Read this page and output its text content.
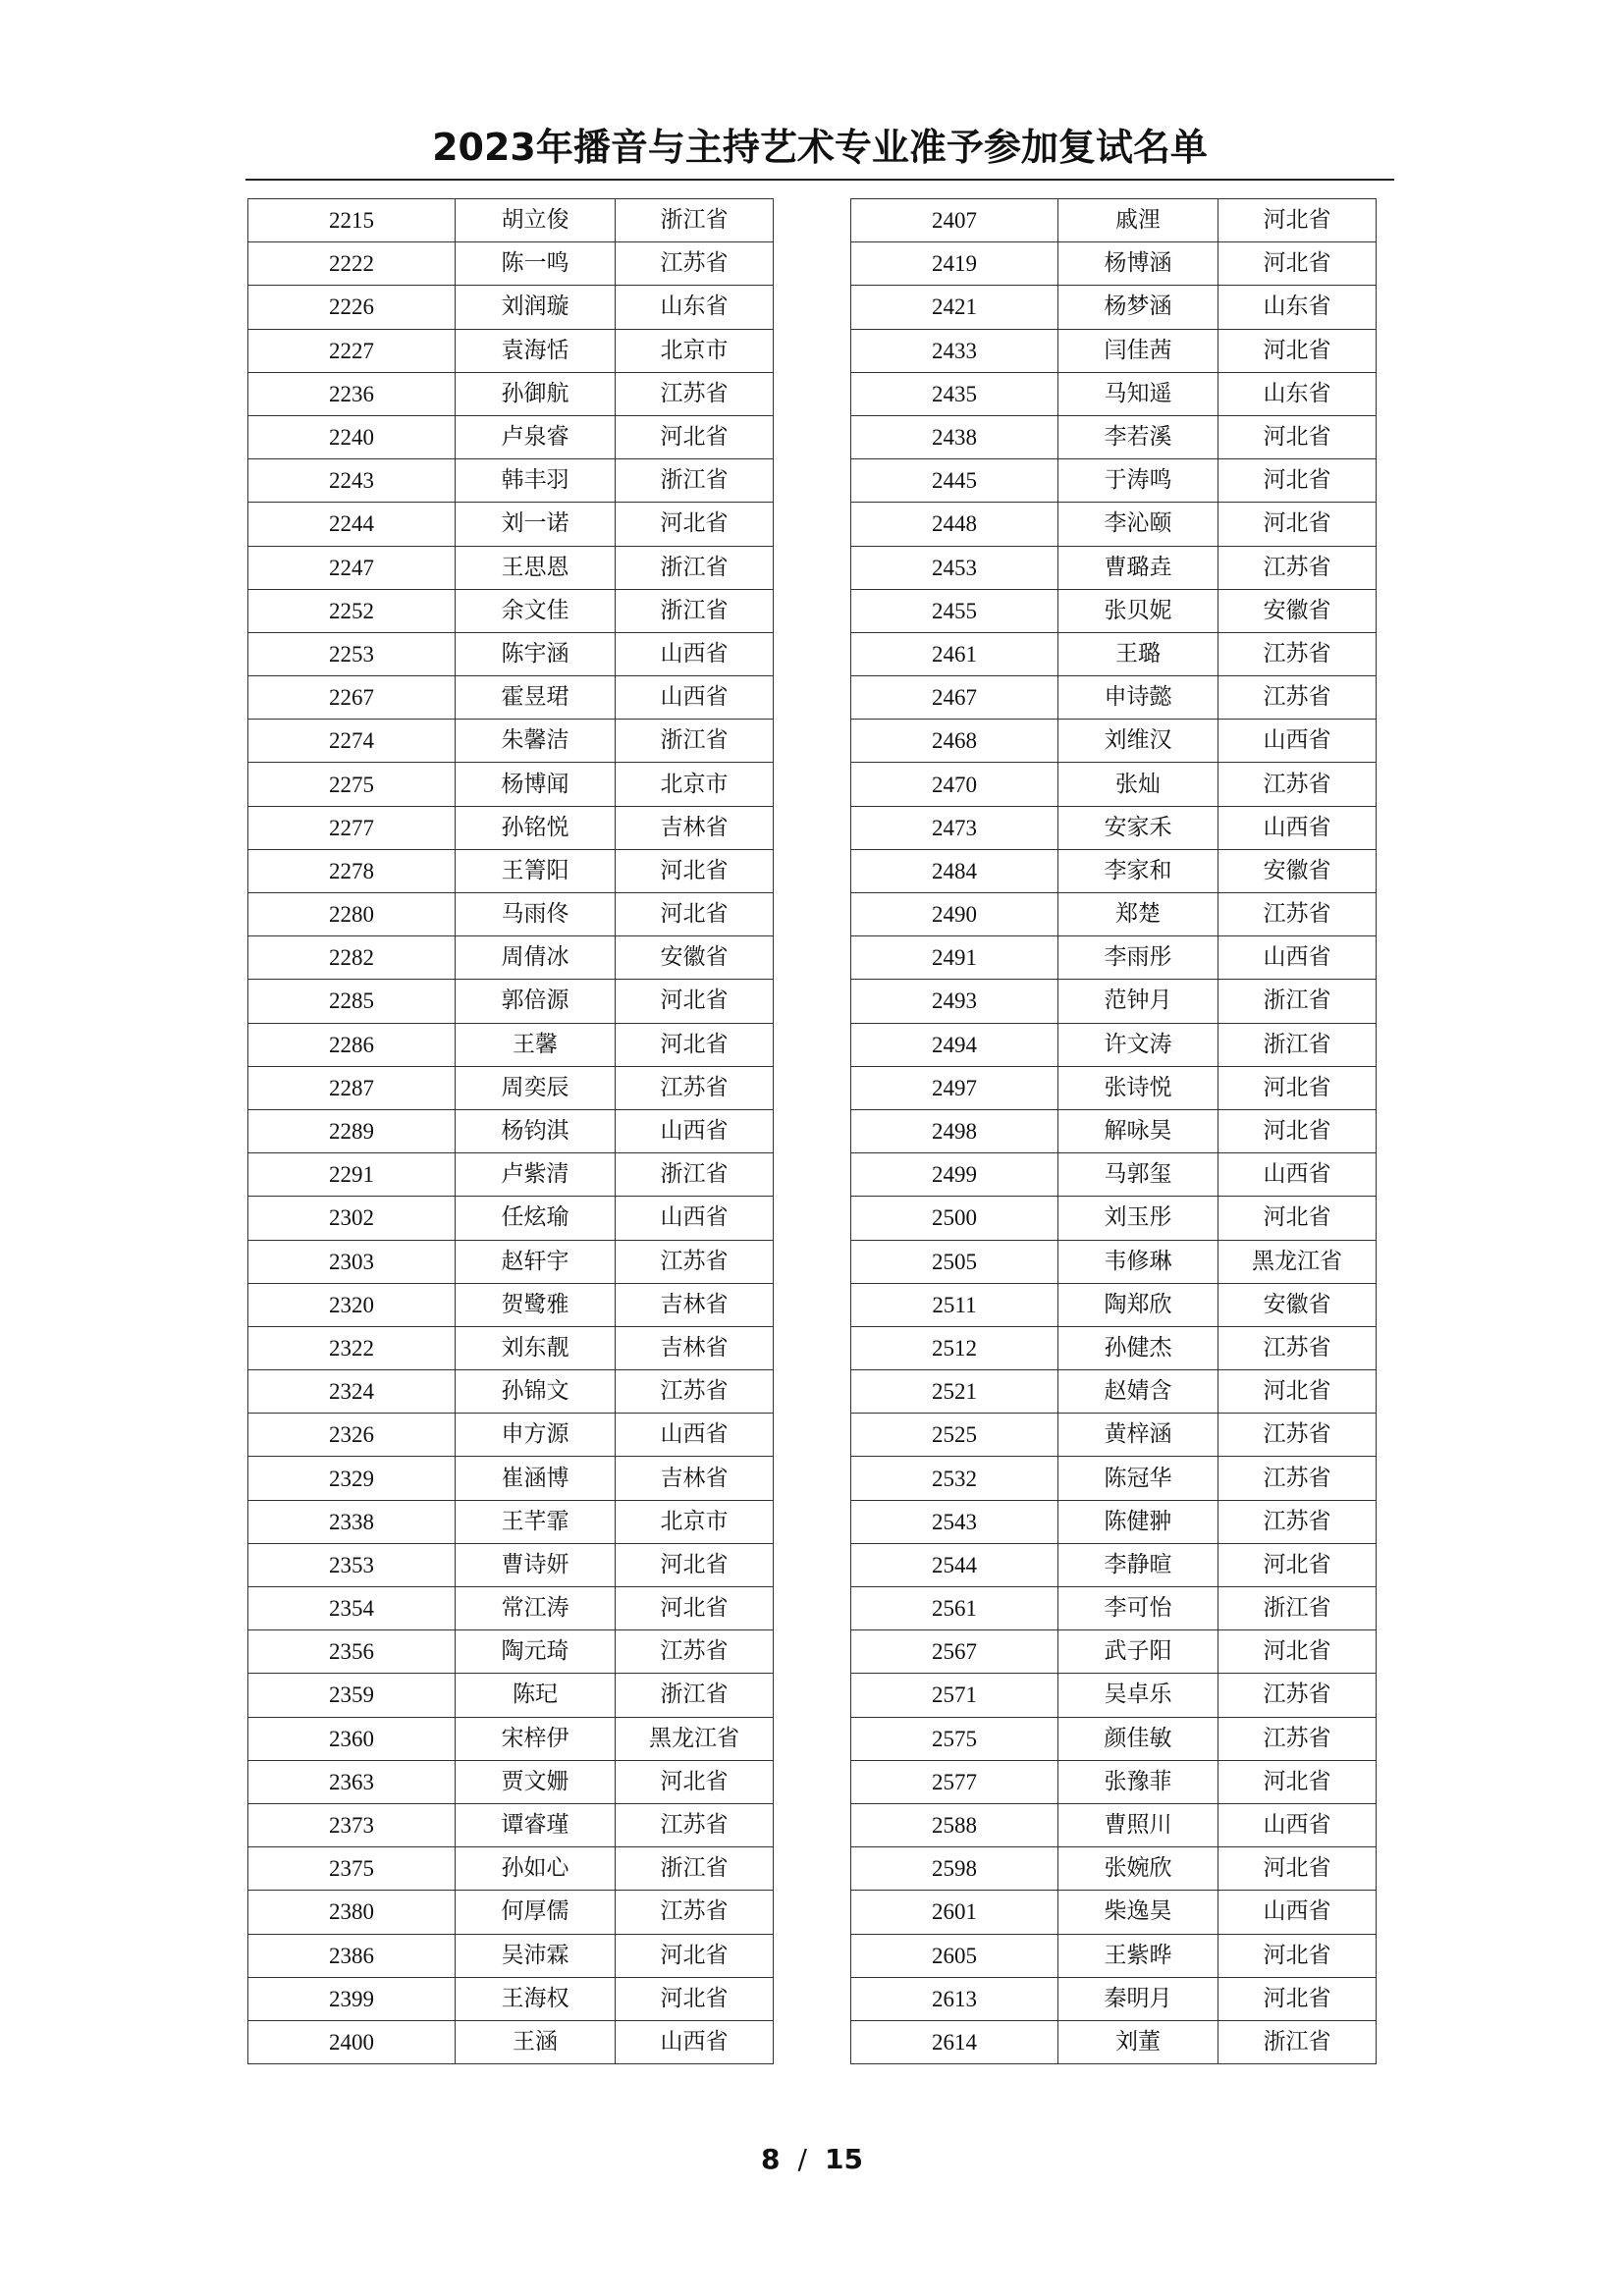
2023年播音与主持艺术专业准予参加复试名单
2215	胡立俊	浙江省
2222	陈一鸣	江苏省
2226	刘润璇	山东省
2227	袁海恬	北京市
2236	孙御航	江苏省
2240	卢泉睿	河北省
2243	韩丰羽	浙江省
2244	刘一诺	河北省
2247	王思恩	浙江省
2252	余文佳	浙江省
2253	陈宇涵	山西省
2267	霍昱珺	山西省
2274	朱馨洁	浙江省
2275	杨博闻	北京市
2277	孙铭悦	吉林省
2278	王箐阳	河北省
2280	马雨佟	河北省
2282	周倩冰	安徽省
2285	郭倍源	河北省
2286	王馨	河北省
2287	周奕辰	江苏省
2289	杨钧淇	山西省
2291	卢紫清	浙江省
2302	任炫瑜	山西省
2303	赵轩宇	江苏省
2320	贺鹭雅	吉林省
2322	刘东靓	吉林省
2324	孙锦文	江苏省
2326	申方源	山西省
2329	崔涵博	吉林省
2338	王芊霏	北京市
2353	曹诗妍	河北省
2354	常江涛	河北省
2356	陶元琦	江苏省
2359	陈玘	浙江省
2360	宋梓伊	黑龙江省
2363	贾文姗	河北省
2373	谭睿瑾	江苏省
2375	孙如心	浙江省
2380	何厚儒	江苏省
2386	吴沛霖	河北省
2399	王海权	河北省
2400	王涵	山西省
2407	戚浬	河北省
2419	杨博涵	河北省
2421	杨梦涵	山东省
2433	闫佳茜	河北省
2435	马知遥	山东省
2438	李若溪	河北省
2445	于涛鸣	河北省
2448	李沁颐	河北省
2453	曹璐垚	江苏省
2455	张贝妮	安徽省
2461	王璐	江苏省
2467	申诗懿	江苏省
2468	刘维汉	山西省
2470	张灿	江苏省
2473	安家禾	山西省
2484	李家和	安徽省
2490	郑楚	江苏省
2491	李雨彤	山西省
2493	范钟月	浙江省
2494	许文涛	浙江省
2497	张诗悦	河北省
2498	解咏昊	河北省
2499	马郭玺	山西省
2500	刘玉彤	河北省
2505	韦修琳	黑龙江省
2511	陶郑欣	安徽省
2512	孙健杰	江苏省
2521	赵婧含	河北省
2525	黄梓涵	江苏省
2532	陈冠华	江苏省
2543	陈健翀	江苏省
2544	李静暄	河北省
2561	李可怡	浙江省
2567	武子阳	河北省
2571	吴卓乐	江苏省
2575	颜佳敏	江苏省
2577	张豫菲	河北省
2588	曹照川	山西省
2598	张婉欣	河北省
2601	柴逸昊	山西省
2605	王紫晔	河北省
2613	秦明月	河北省
2614	刘董	浙江省
8 / 15
